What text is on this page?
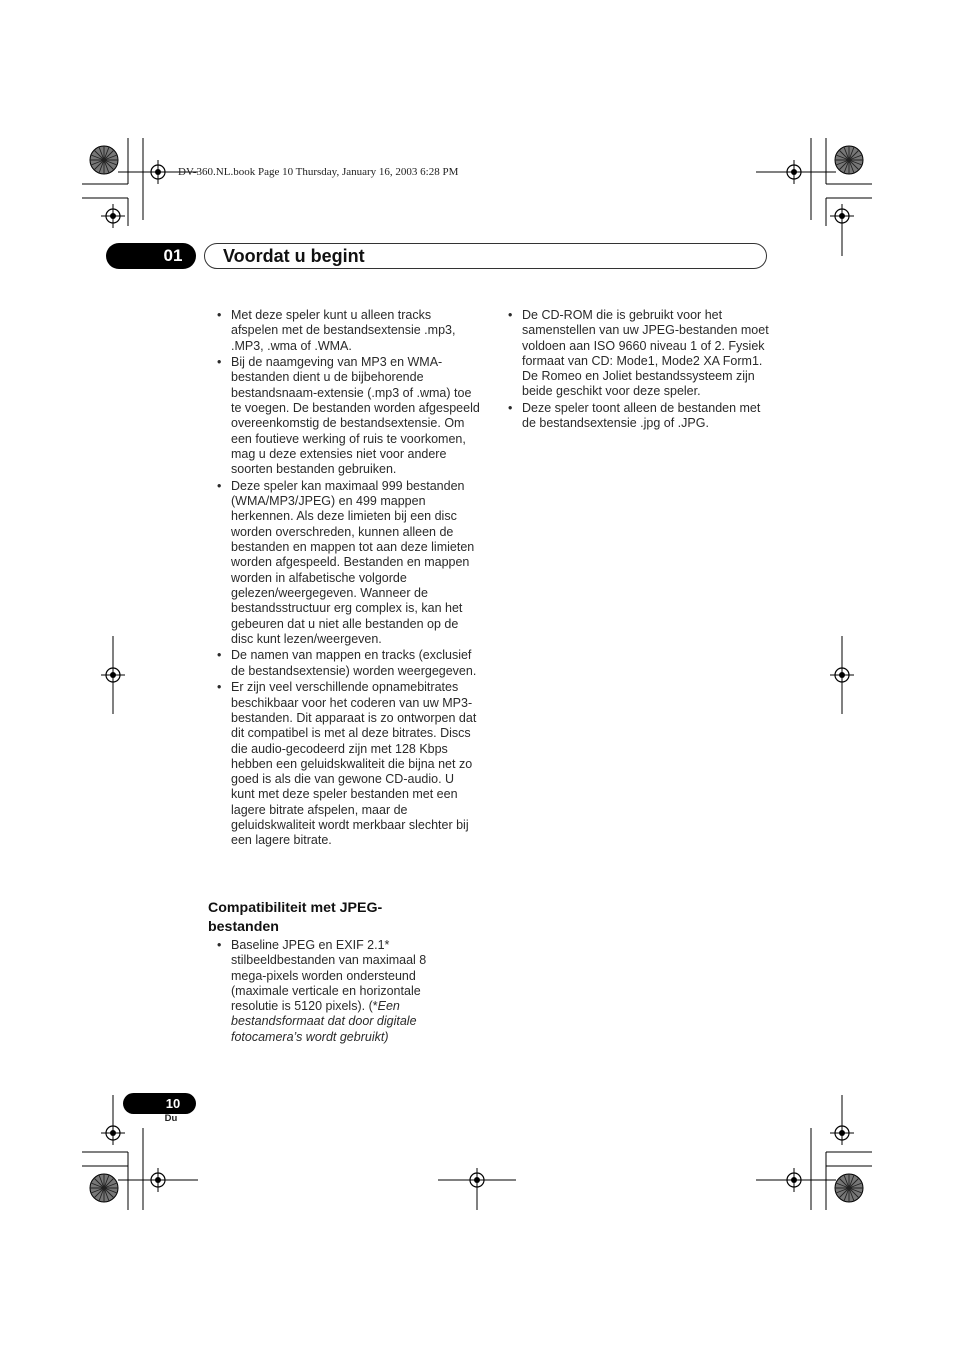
DV-360.NL.book Page 10 Thursday, January 16, 2003 6:28 PM
01	Voordat u begint
• Met deze speler kunt u alleen tracks afspelen met de bestandsextensie .mp3, .MP3, .wma of .WMA.
• Bij de naamgeving van MP3 en WMA-bestanden dient u de bijbehorende bestandsnaam-extensie (.mp3 of .wma) toe te voegen. De bestanden worden afgespeeld overeenkomstig de bestandsextensie. Om een foutieve werking of ruis te voorkomen, mag u deze extensies niet voor andere soorten bestanden gebruiken.
• Deze speler kan maximaal 999 bestanden (WMA/MP3/JPEG) en 499 mappen herkennen. Als deze limieten bij een disc worden overschreden, kunnen alleen de bestanden en mappen tot aan deze limieten worden afgespeeld. Bestanden en mappen worden in alfabetische volgorde gelezen/weergegeven. Wanneer de bestandsstructuur erg complex is, kan het gebeuren dat u niet alle bestanden op de disc kunt lezen/weergeven.
• De namen van mappen en tracks (exclusief de bestandsextensie) worden weergegeven.
• Er zijn veel verschillende opnamebitrates beschikbaar voor het coderen van uw MP3-bestanden. Dit apparaat is zo ontworpen dat dit compatibel is met al deze bitrates. Discs die audio-gecodeerd zijn met 128 Kbps hebben een geluidskwaliteit die bijna net zo goed is als die van gewone CD-audio. U kunt met deze speler bestanden met een lagere bitrate afspelen, maar de geluidskwaliteit wordt merkbaar slechter bij een lagere bitrate.
Compatibiliteit met JPEG-bestanden
• Baseline JPEG en EXIF 2.1* stilbeeldbestanden van maximaal 8 mega-pixels worden ondersteund (maximale verticale en horizontale resolutie is 5120 pixels). (*Een bestandsformaat dat door digitale fotocamera’s wordt gebruikt)
• De CD-ROM die is gebruikt voor het samenstellen van uw JPEG-bestanden moet voldoen aan ISO 9660 niveau 1 of 2. Fysiek formaat van CD: Mode1, Mode2 XA Form1. De Romeo en Joliet bestandssysteem zijn beide geschikt voor deze speler.
• Deze speler toont alleen de bestanden met de bestandsextensie .jpg of .JPG.
10
Du
